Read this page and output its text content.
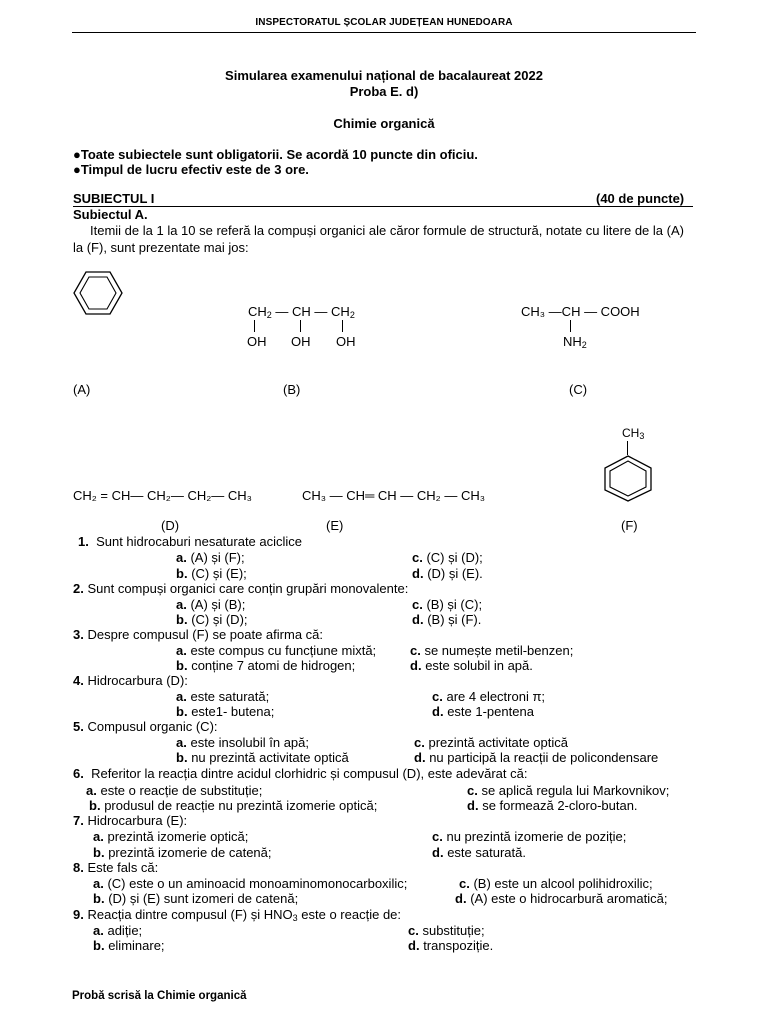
INSPECTORATUL ȘCOLAR JUDEȚEAN HUNEDOARA
Simularea examenului național de bacalaureat 2022
Proba E. d)
Chimie organică
●Toate subiectele sunt obligatorii. Se acordă 10 puncte din oficiu.
●Timpul de lucru efectiv este de 3 ore.
SUBIECTUL I	(40 de puncte)
Subiectul A.
Itemii de la 1 la 10 se referă la compuși organici ale căror formule de structură, notate cu litere de la (A) la (F), sunt prezentate mai jos:
(A)
$CH_2$ — CH — $CH_2$
OH OH OH
(B)
CH₃ —CH — COOH
$NH_2$
(C)
CH₂ = CH— CH₂— CH₂— CH₃
(D)
CH₃ — CH═ CH — CH₂ — CH₃
(E)
$CH_3$
(F)
1. Sunt hidrocaburi nesaturate aciclice
a. (A) și (F);	c. (C) și (D);
b. (C) și (E);	d. (D) și (E).
2. Sunt compuși organici care conțin grupări monovalente:
a. (A) și (B);	c. (B) și (C);
b. (C) și (D);	d. (B) și (F).
3. Despre compusul (F) se poate afirma că:
a. este compus cu funcțiune mixtă;	c. se numește metil-benzen;
b. conține 7 atomi de hidrogen;	d. este solubil in apă.
4. Hidrocarbura (D):
a. este saturată;	c. are 4 electroni π;
b. este1- butena;	d. este 1-pentena
5. Compusul organic (C):
a. este insolubil în apă;	c. prezintă activitate optică
b. nu prezintă activitate optică	d. nu participă la reacții de policondensare
6. Referitor la reacția dintre acidul clorhidric și compusul (D), este adevărat că:
a. este o reacție de substituție;	c. se aplică regula lui Markovnikov;
b. produsul de reacție nu prezintă izomerie optică;	d. se formează 2-cloro-butan.
7. Hidrocarbura (E):
a. prezintă izomerie optică;	c. nu prezintă izomerie de poziție;
b. prezintă izomerie de catenă;	d. este saturată.
8. Este fals că:
a. (C) este o un aminoacid monoaminomonocarboxilic;	c. (B) este un alcool polihidroxilic;
b. (D) și (E) sunt izomeri de catenă;	d. (A) este o hidrocarbură aromatică;
9. Reacția dintre compusul (F) și $HNO_3$ este o reacție de:
a. adiție;	c. substituție;
b. eliminare;	d. transpoziție.
Probă scrisă la Chimie organică
